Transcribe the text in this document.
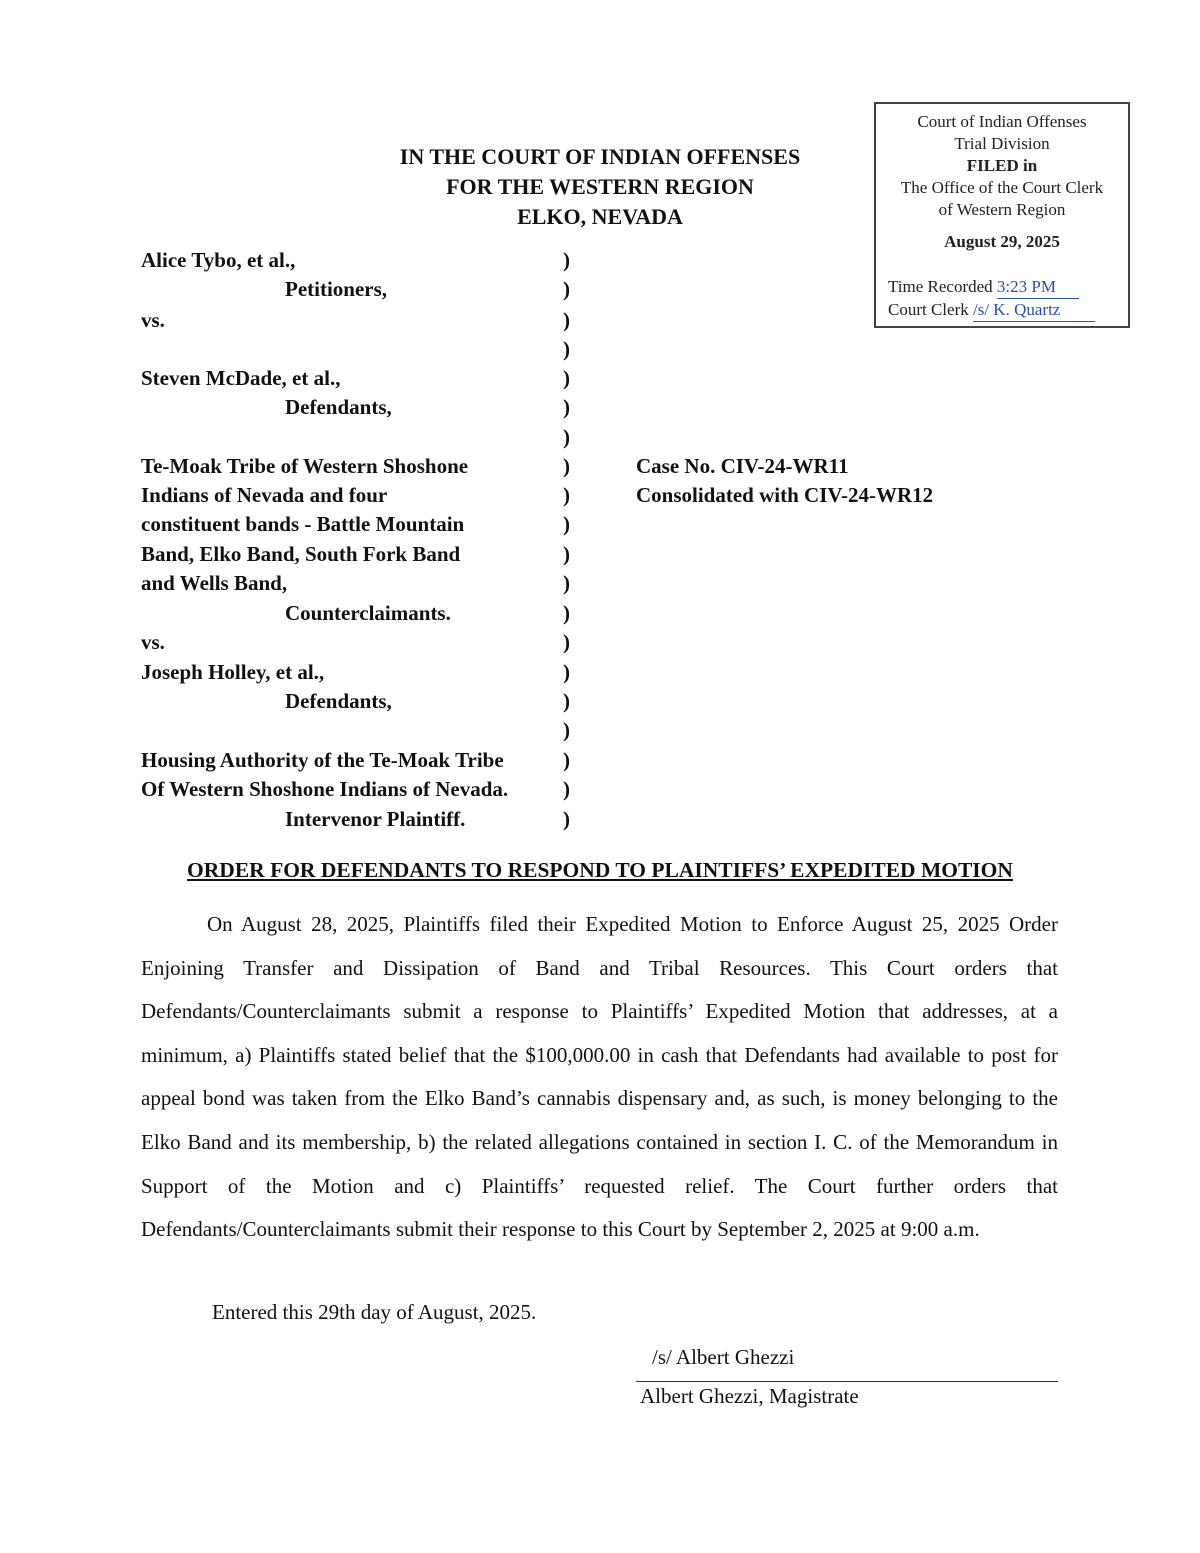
Court of Indian Offenses
Trial Division
FILED in
The Office of the Court Clerk
of Western Region
August 29, 2025
Time Recorded 3:23 PM
Court Clerk /s/ K. Quartz
IN THE COURT OF INDIAN OFFENSES
FOR THE WESTERN REGION
ELKO, NEVADA
Alice Tybo, et al.,
Petitioners,
vs.
Steven McDade, et al.,
Defendants,
Te-Moak Tribe of Western Shoshone
Indians of Nevada and four
constituent bands - Battle Mountain
Band, Elko Band, South Fork Band
and Wells Band,
Counterclaimants.
vs.
Joseph Holley, et al.,
Defendants,
Housing Authority of the Te-Moak Tribe
Of Western Shoshone Indians of Nevada.
Intervenor Plaintiff.
)
)
)
)
)
)
)
)
)
)
)
)
)
)
)
)
)
)
)
)
Case No. CIV-24-WR11
Consolidated with CIV-24-WR12
ORDER FOR DEFENDANTS TO RESPOND TO PLAINTIFFS’ EXPEDITED MOTION
On August 28, 2025, Plaintiffs filed their Expedited Motion to Enforce August 25, 2025 Order Enjoining Transfer and Dissipation of Band and Tribal Resources. This Court orders that Defendants/Counterclaimants submit a response to Plaintiffs’ Expedited Motion that addresses, at a minimum, a) Plaintiffs stated belief that the $100,000.00 in cash that Defendants had available to post for appeal bond was taken from the Elko Band’s cannabis dispensary and, as such, is money belonging to the Elko Band and its membership, b) the related allegations contained in section I. C. of the Memorandum in Support of the Motion and c) Plaintiffs’ requested relief. The Court further orders that Defendants/Counterclaimants submit their response to this Court by September 2, 2025 at 9:00 a.m.
Entered this 29th day of August, 2025.
/s/ Albert Ghezzi
Albert Ghezzi, Magistrate
